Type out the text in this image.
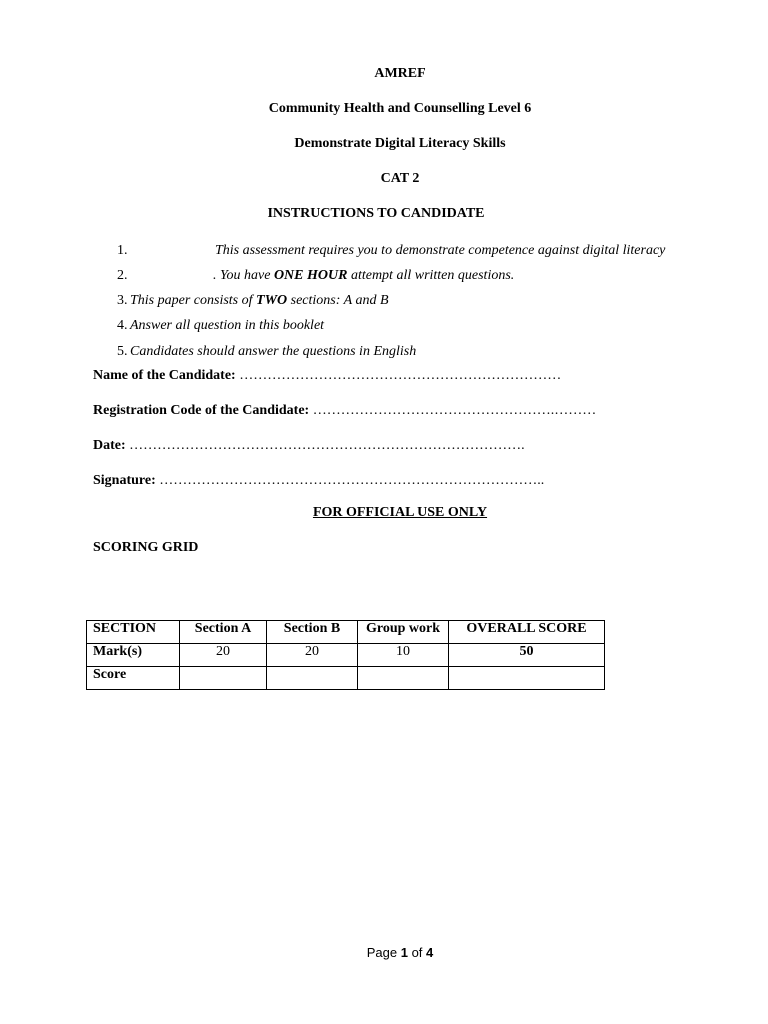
AMREF
Community Health and Counselling Level 6
Demonstrate Digital Literacy Skills
CAT 2
INSTRUCTIONS TO CANDIDATE
1.	This assessment requires you to demonstrate competence against digital literacy
2.	. You have ONE HOUR attempt all written questions.
3. This paper consists of TWO sections: A and B
4. Answer all question in this booklet
5. Candidates should answer the questions in English
Name of the Candidate: ……………………………………………………………
Registration Code of the Candidate: …………………………………………….………
Date: ………………………………………………………………………….
Signature: ………………………………………………………………………..
FOR OFFICIAL USE ONLY
SCORING GRID
SECTION	Section A	Section B	Group work	OVERALL SCORE
Mark(s)	20	20	10	50
Score				
Page 1 of 4
